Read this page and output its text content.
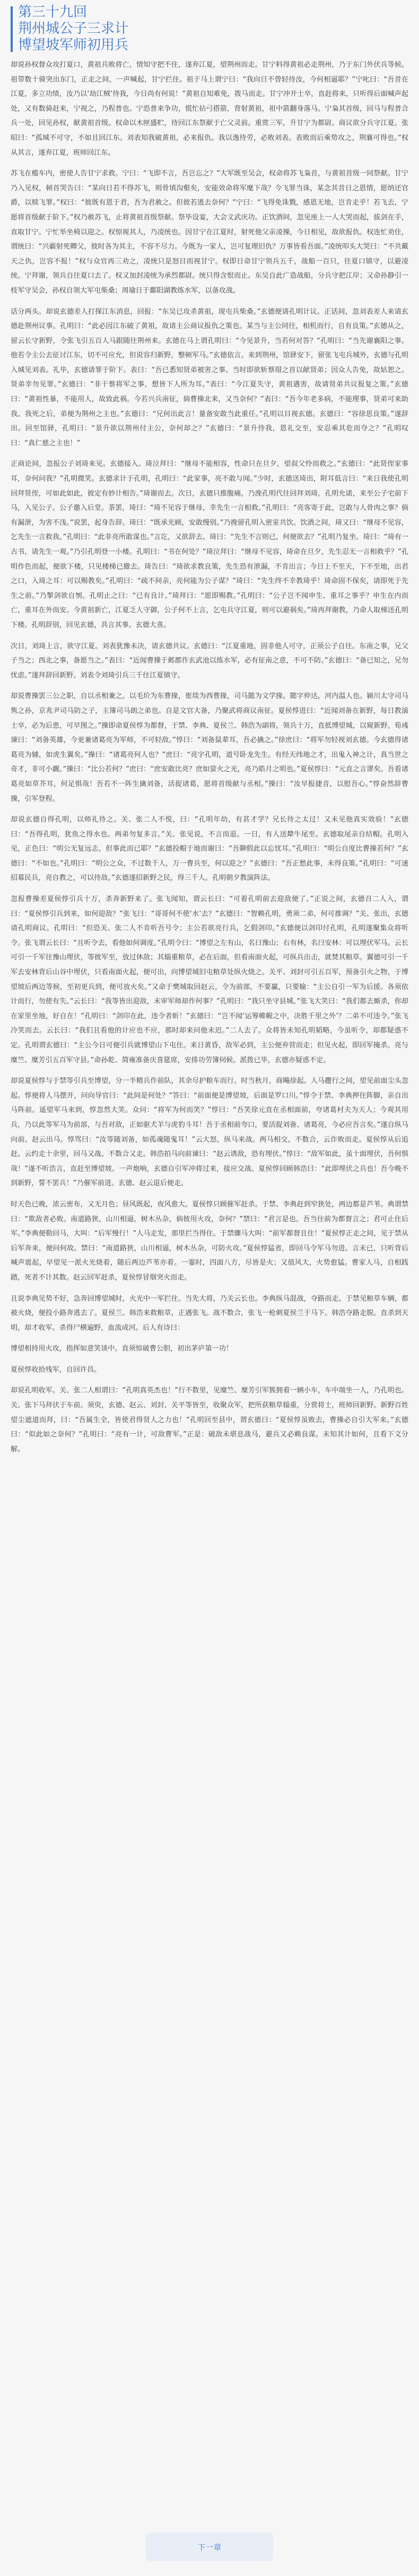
第三十九回

荆州城公子三求计

博望坡军师初用兵

却说孙权督众攻打夏口，黄祖兵败将亡，情知守把不住，遂弃江夏，望荆州而走。甘宁料得黄祖必走荆州，乃于东门外伏兵等候。祖带数十骑突出东门，正走之间，一声喊起，甘宁拦住。祖于马上谓宁曰：“我向日不曾轻待汝，今何相逼耶？”宁叱曰：“吾昔在江夏，多立功绩，汝乃以‘劫江贼’待我，今日尚有何说！”黄祖自知难免，拨马而走。甘宁冲开士卒，直赶将来，只听得后面喊声起处，又有数骑赶来，宁视之，乃程普也。宁恐普来争功，慌忙拈弓搭箭，背射黄祖，祖中箭翻身落马。宁枭其首级，回马与程普合兵一处，回见孙权，献黄祖首级。权命以木匣盛贮，待回江东祭献于亡父灵前。重赏三军，升甘宁为都尉。商议欲分兵守江夏。张昭曰：“孤城不可守，不如且回江东。刘表知我破黄祖，必来报仇。我以逸待劳，必败刘表。表败而后乘势攻之，荆襄可得也。”权从其言，遂弃江夏，班师回江东。

苏飞在槛车内，密使人告甘宁求救。宁曰：“飞即不言，吾岂忘之？”大军既至吴会，权命将苏飞枭首，与黄祖首级一同祭献。甘宁乃入见权，顿首哭告曰：“某向日若不得苏飞，则骨填沟壑矣，安能效命将军麾下哉？今飞罪当诛，某念其昔日之恩情，愿纳还官爵，以赎飞罪。”权曰：“彼既有恩于君，吾为君赦之。但彼若逃去奈何？”宁曰：“飞得免诛戮，感恩无地，岂肯走乎！若飞去，宁愿将首级献于阶下。”权乃赦苏飞，止将黄祖首级祭献。祭毕设宴，大会文武庆功。正饮酒间，忽见座上一人大哭而起，拔剑在手，直取甘宁。宁忙举坐椅以迎之。权惊视其人，乃凌统也。因甘宁在江夏时，射死他父亲凌操，今日相见，故欲报仇。权连忙劝住，谓统曰：“兴霸射死卿父，彼时各为其主，不容不尽力。今既为一家人，岂可复理旧仇？万事皆看吾面。”凌统叩头大哭曰：“不共戴天之仇，岂容不报！”权与众官再三劝之，凌统只是怒目而视甘宁。权即日命甘宁领兵五千，战船一百只，往夏口镇守，以避凌统。宁拜谢，领兵自往夏口去了。权又加封凌统为承烈都尉。统只得含恨而止。东吴自此广造战船，分兵守把江岸；又命孙静引一枝军守吴会，孙权自领大军屯柴桑；周瑜日于鄱阳湖教练水军，以备攻战。

话分两头。却说玄德差人打探江东消息，回报：“东吴已攻杀黄祖，现屯兵柴桑。”玄德便请孔明计议。正话间，忽刘表差人来请玄德赴荆州议事。孔明曰：“此必因江东破了黄祖，故请主公商议报仇之策也。某当与主公同往，相机而行，自有良策。”玄德从之，留云长守新野，令张飞引五百人马跟随往荆州来。玄德在马上谓孔明曰：“今见景升，当若何对答？”孔明曰：“当先谢襄阳之事。他若令主公去征讨江东，切不可应允，但说容归新野，整顿军马。”玄德依言。来到荆州，馆驿安下，留张飞屯兵城外，玄德与孔明入城见刘表。礼毕，玄德请罪于阶下。表曰：“吾已悉知贤弟被害之事。当时即欲斩蔡瑁之首以献贤弟；因众人告免，故姑恕之。贤弟幸勿见罪。”玄德曰：“非干蔡将军之事，想皆下人所为耳。”表曰：“今江夏失守，黄祖遇害，故请贤弟共议报复之策。”玄德曰：“黄祖性暴，不能用人，故致此祸。今若兴兵南征，倘曹操北来，又当奈何？”表曰：“吾今年老多病，不能理事，贤弟可来助我。我死之后，弟便为荆州之主也。”玄德曰：“兄何出此言！量备安敢当此重任。”孔明以目视玄德。玄德曰：“容徐思良策。”遂辞出。回至馆驿，孔明曰：“景升欲以荆州付主公，奈何却之？”玄德曰：“景升待我，恩礼交至，安忍乘其危而夺之？”孔明叹曰：“真仁慈之主也！”

正商论间，忽报公子刘琦来见。玄德接入。琦泣拜曰：“继母不能相容，性命只在旦夕，望叔父怜而救之。”玄德曰：“此贤侄家事耳，奈何问我？”孔明微笑。玄德求计于孔明，孔明曰：“此家事，亮不敢与闻。”少时，玄德送琦出，附耳低言曰：“来日我使孔明回拜贤侄，可如此如此，彼定有妙计相告。”琦谢而去。次日，玄德只推腹痛，乃浼孔明代往回拜刘琦。孔明允诺，来至公子宅前下马，入见公子。公子邀入后堂。茶罢，琦曰：“琦不见容于继母，幸先生一言相救。”孔明曰：“亮客寄于此，岂敢与人骨肉之事？倘有漏泄，为害不浅。”说罢，起身告辞。琦曰：“既承光顾，安敢慢别。”乃挽留孔明入密室共饮。饮酒之间，琦又曰：“继母不见容，乞先生一言救我。”孔明曰：“此非亮所敢谋也。”言讫，又欲辞去。琦曰：“先生不言则已，何便欲去？”孔明乃复坐。琦曰：“琦有一古书，请先生一观。”乃引孔明登一小楼。孔明曰：“书在何处？”琦泣拜曰：“继母不见容，琦命在旦夕，先生忍无一言相救乎？”孔明作色而起，便欲下楼，只见楼梯已撤去。琦告曰：“琦欲求教良策，先生恐有泄漏，不肯出言；今日上不至天，下不至地，出君之口，入琦之耳：可以赐教矣。”孔明曰：“疏不间亲，亮何能为公子谋？”琦曰：“先生终不幸教琦乎！琦命固不保矣，请即死于先生之前。”乃掣剑欲自刎。孔明止之曰：“已有良计。”琦拜曰：“愿即赐教。”孔明曰：“公子岂不闻申生、重耳之事乎？申生在内而亡，重耳在外而安。今黄祖新亡，江夏乏人守御，公子何不上言，乞屯兵守江夏，则可以避祸矣。”琦再拜谢教，乃命人取梯送孔明下楼。孔明辞别，回见玄德，具言其事。玄德大喜。

次日，刘琦上言，欲守江夏。刘表犹豫未决，请玄德共议。玄德曰：“江夏重地，固非他人可守，正须公子自往。东南之事，兄父子当之；西北之事，备愿当之。”表曰：“近闻曹操于邺郡作玄武池以练水军，必有征南之意，不可不防。”玄德曰：“备已知之，兄勿忧虑。”遂拜辞回新野。刘表令刘琦引兵三千往江夏镇守。

却说曹操罢三公之职，自以丞相兼之。以毛玠为东曹掾，崔琰为西曹掾，司马懿为文学掾。懿字仲达，河内温人也。颍川太守司马隽之孙，京兆尹司马防之子，主簿司马朗之弟也。自是文官大备，乃聚武将商议南征。夏侯惇进曰：“近闻刘备在新野，每日教演士卒，必为后患，可早图之。”操即命夏侯惇为都督，于禁、李典、夏侯兰、韩浩为副将，领兵十万，直抵博望城，以窥新野。荀彧谏曰：“刘备英雄，今更兼诸葛亮为军师，不可轻敌。”惇曰：“刘备鼠辈耳，吾必擒之。”徐庶曰：“将军勿轻视刘玄德。今玄德得诸葛亮为辅，如虎生翼矣。”操曰：“诸葛亮何人也？”庶曰：“亮字孔明，道号卧龙先生。有经天纬地之才，出鬼入神之计，真当世之奇才，非可小觑。”操曰：“比公若何？”庶曰：“庶安敢比亮？庶如萤火之光，亮乃皓月之明也。”夏侯惇曰：“元直之言谬矣。吾看诸葛亮如草芥耳，何足惧哉！吾若不一阵生擒刘备，活捉诸葛，愿将首级献与丞相。”操曰：“汝早报捷音，以慰吾心。”惇奋然辞曹操，引军登程。

却说玄德自得孔明，以师礼待之。关、张二人不悦，曰：“孔明年幼，有甚才学？兄长待之太过！又未见他真实效验！”玄德曰：“吾得孔明，犹鱼之得水也。两弟勿复多言。”关、张见说，不言而退。一日，有人送犛牛尾至。玄德取尾亲自结帽。孔明入见，正色曰：“明公无复远志，但事此而已耶？”玄德投帽于地而谢曰：“吾聊假此以忘忧耳。”孔明曰：“明公自度比曹操若何？”玄德曰：“不如也。”孔明曰：“明公之众，不过数千人，万一曹兵至，何以迎之？”玄德曰：“吾正愁此事，未得良策。”孔明曰：“可速招募民兵，亮自教之，可以待敌。”玄德遂招新野之民，得三千人。孔明朝夕教演阵法。

忽报曹操差夏侯惇引兵十万，杀奔新野来了。张飞闻知，谓云长曰：“可着孔明前去迎敌便了。”正说之间，玄德召二人入，谓曰：“夏侯惇引兵到来，如何迎敌？”张飞曰：“哥哥何不使‘水’去？”玄德曰：“智赖孔明，勇须二弟，何可推调？”关、张出，玄德请孔明商议。孔明曰：“但恐关、张二人不肯听吾号令；主公若欲亮行兵，乞假剑印。”玄德便以剑印付孔明，孔明遂聚集众将听令。张飞谓云长曰：“且听令去，看他如何调度。”孔明令曰：“博望之左有山，名曰豫山；右有林，名曰安林：可以埋伏军马。云长可引一千军往豫山埋伏，等彼军至，放过休敌；其辎重粮草，必在后面，但看南面火起，可纵兵出击，就焚其粮草。翼德可引一千军去安林背后山谷中埋伏，只看南面火起，便可出，向博望城旧屯粮草处纵火烧之。关平、刘封可引五百军，预备引火之物，于博望坡后两边等候，至初更兵到，便可放火矣。”又命于樊城取回赵云，令为前部，不要赢，只要输：“主公自引一军为后援。各须依计而行，勿使有失。”云长曰：“我等皆出迎敌，未审军师却作何事？”孔明曰：“我只坐守县城。”张飞大笑曰：“我们都去厮杀，你却在家里坐地，好自在！”孔明曰：“剑印在此，违令者斩！”玄德曰：“岂不闻‘运筹帷幄之中，决胜千里之外’？二弟不可违令。”张飞冷笑而去。云长曰：“我们且看他的计应也不应，那时却来问他未迟。”二人去了。众将皆未知孔明韬略，今虽听令，却都疑惑不定。孔明谓玄德曰：“主公今日可便引兵就博望山下屯住。来日黄昏，敌军必到，主公便弃营而走；但见火起，即回军掩杀。亮与糜竺、糜芳引五百军守县。”命孙乾、简雍准备庆喜筵席，安排功劳簿伺候。派拨已毕，玄德亦疑惑不定。

却说夏侯惇与于禁等引兵至博望，分一半精兵作前队，其余尽护粮车而行。时当秋月，商飚徐起。人马趱行之间，望见前面尘头忽起。惇便将人马摆开，问向导官曰：“此间是何处？”答曰：“前面便是博望坡，后面是罗口川。”惇令于禁、李典押住阵脚，亲自出马阵前。遥望军马来到，惇忽然大笑。众问：“将军为何而笑？”惇曰：“吾笑徐元直在丞相面前，夸诸葛村夫为天人；今观其用兵，乃以此等军马为前部，与吾对敌，正如驱犬羊与虎豹斗耳！吾于丞相前夸口，要活捉刘备、诸葛亮，今必应吾言矣。”遂自纵马向前。赵云出马。惇骂曰：“汝等随刘备，如孤魂随鬼耳！”云大怒，纵马来战。两马相交，不数合，云诈败而走。夏侯惇从后追赶。云约走十余里，回马又战。不数合又走。韩浩拍马向前谏曰：“赵云诱敌，恐有埋伏。”惇曰：“敌军如此，虽十面埋伏，吾何惧哉！”遂不听浩言，直赶至博望坡。一声炮响，玄德自引军冲将过来，接应交战。夏侯惇回顾韩浩曰：“此即埋伏之兵也！吾今晚不到新野，誓不罢兵！”乃催军前进。玄德、赵云退后便走。

时天色已晚，浓云密布，又无月色；昼风既起，夜风愈大。夏侯惇只顾催军赶杀。于禁、李典赶到窄狭处，两边都是芦苇。典谓禁曰：“欺敌者必败。南道路狭，山川相逼，树木丛杂，倘彼用火攻，奈何？”禁曰：“君言是也。吾当往前为都督言之；君可止住后军。”李典便勒回马，大叫：“后军慢行！”人马走发，那里拦当得住。于禁骤马大叫：“前军都督且住！”夏侯惇正走之间，见于禁从后军奔来，便问何故。禁曰：“南道路狭，山川相逼，树木丛杂，可防火攻。”夏侯惇猛省，即回马令军马勿进。言未已，只听背后喊声震起，早望见一派火光烧着，随后两边芦苇亦着。一霎时，四面八方，尽皆是火；又值风大，火势愈猛。曹家人马，自相践踏，死者不计其数。赵云回军赶杀，夏侯惇冒烟突火而走。

且说李典见势不好，急奔回博望城时，火光中一军拦住。当先大将，乃关云长也。李典纵马混战，夺路而走。于禁见粮草车辆，都被火烧，便投小路奔逃去了。夏侯兰、韩浩来救粮草，正遇张飞。战不数合，张飞一枪刺夏侯兰于马下。韩浩夺路走脱。直杀到天明，却才收军。杀得尸横遍野，血流成河。后人有诗曰：

博望相持用火攻，指挥如意笑谈中。直须惊破曹公胆，初出茅庐第一功！

夏侯惇收拾残军，自回许昌。

却说孔明收军。关、张二人相谓曰：“孔明真英杰也！”行不数里，见糜竺、糜芳引军簇拥着一辆小车，车中端坐一人，乃孔明也。关、张下马拜伏于车前。须臾，玄德、赵云、刘封、关平等皆至，收聚众军，把所获粮草辎重，分赏将士，班师回新野。新野百姓望尘遮道而拜，曰：“吾属生全，皆使君得贤人之力也！”孔明回至县中，谓玄德曰：“夏侯惇虽败去，曹操必自引大军来。”玄德曰：“似此如之奈何？”孔明曰：“亮有一计，可敌曹军。”正是：破敌未堪息战马，避兵又必赖良谋。未知其计如何，且看下文分解。

下一章
